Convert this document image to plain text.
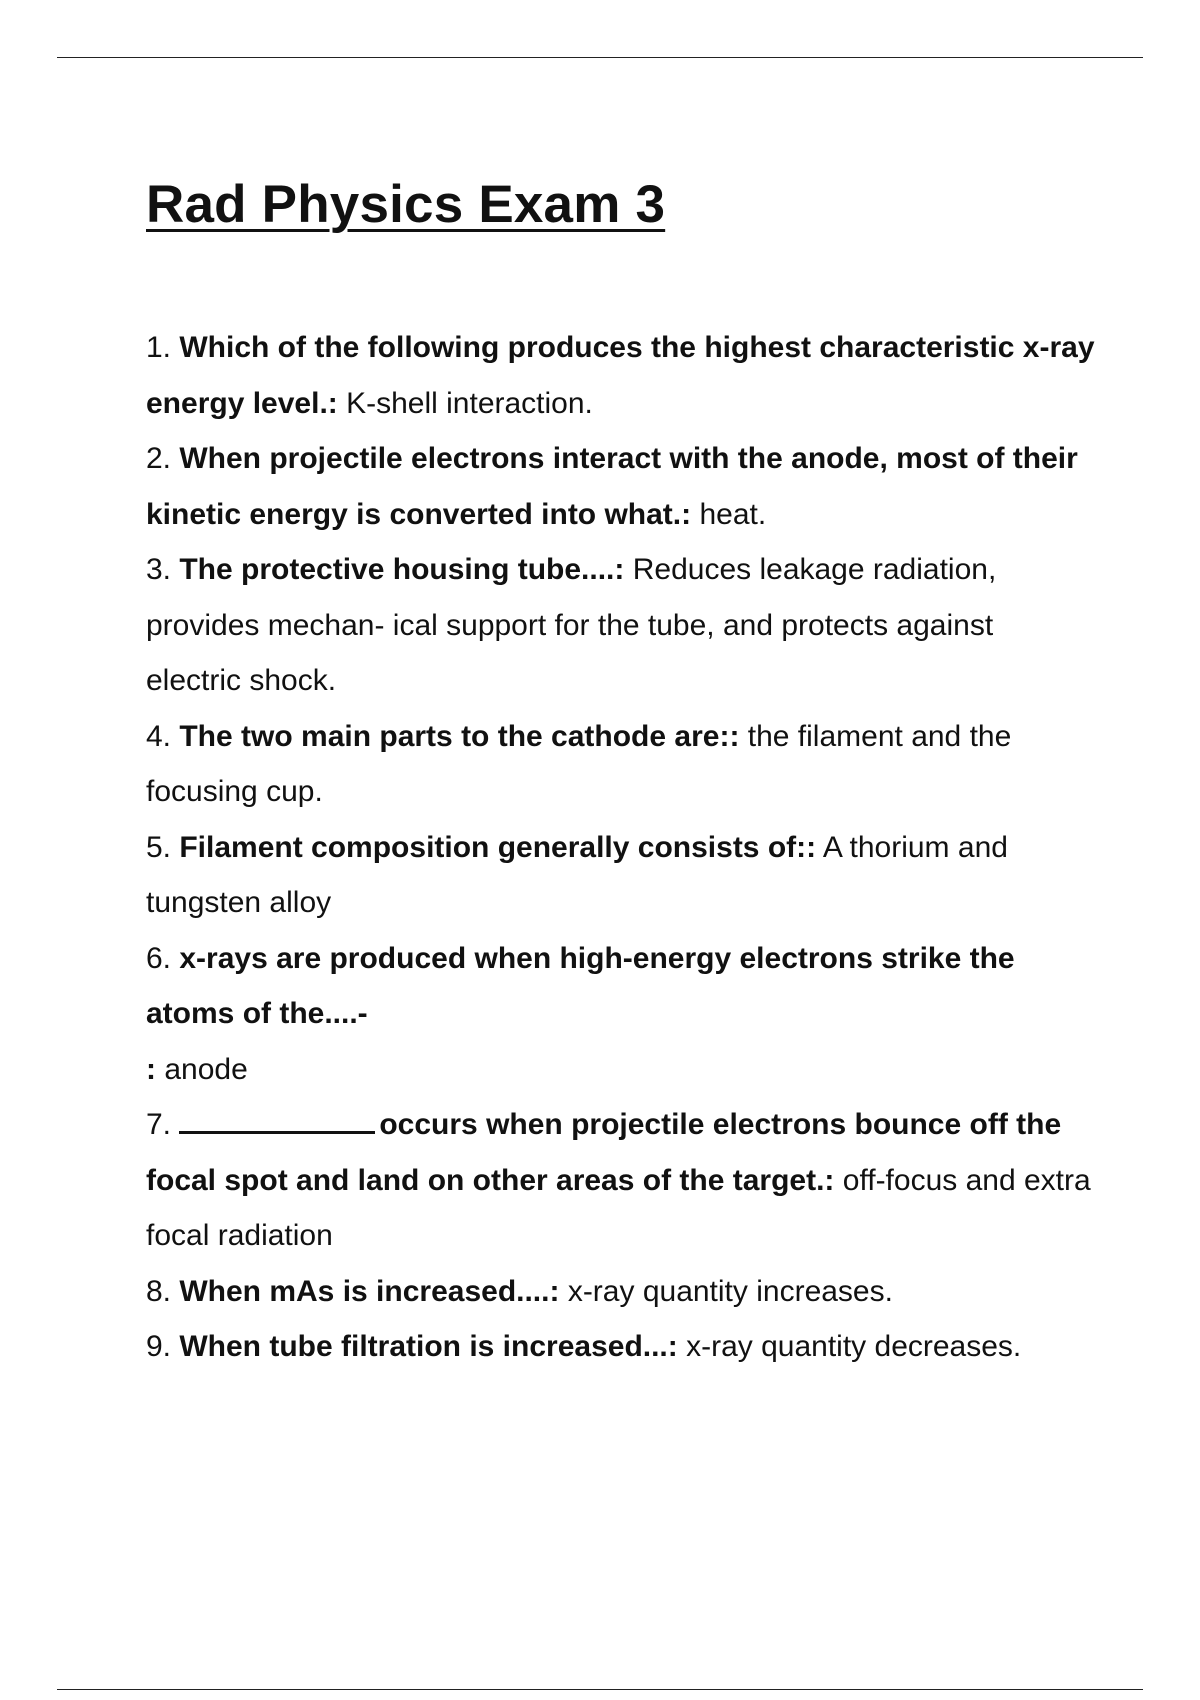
Rad Physics Exam 3
1. Which of the following produces the highest characteristic x-ray energy level.: K-shell interaction.
2. When projectile electrons interact with the anode, most of their kinetic energy is converted into what.: heat.
3. The protective housing tube....: Reduces leakage radiation, provides mechan- ical support for the tube, and protects against electric shock.
4. The two main parts to the cathode are:: the filament and the focusing cup.
5. Filament composition generally consists of:: A thorium and tungsten alloy
6. x-rays are produced when high-energy electrons strike the atoms of the....-
: anode
7.	occurs when projectile electrons bounce off the focal spot and land on other areas of the target.: off-focus and extra focal radiation
8. When mAs is increased....: x-ray quantity increases.
9. When tube filtration is increased...: x-ray quantity decreases.
